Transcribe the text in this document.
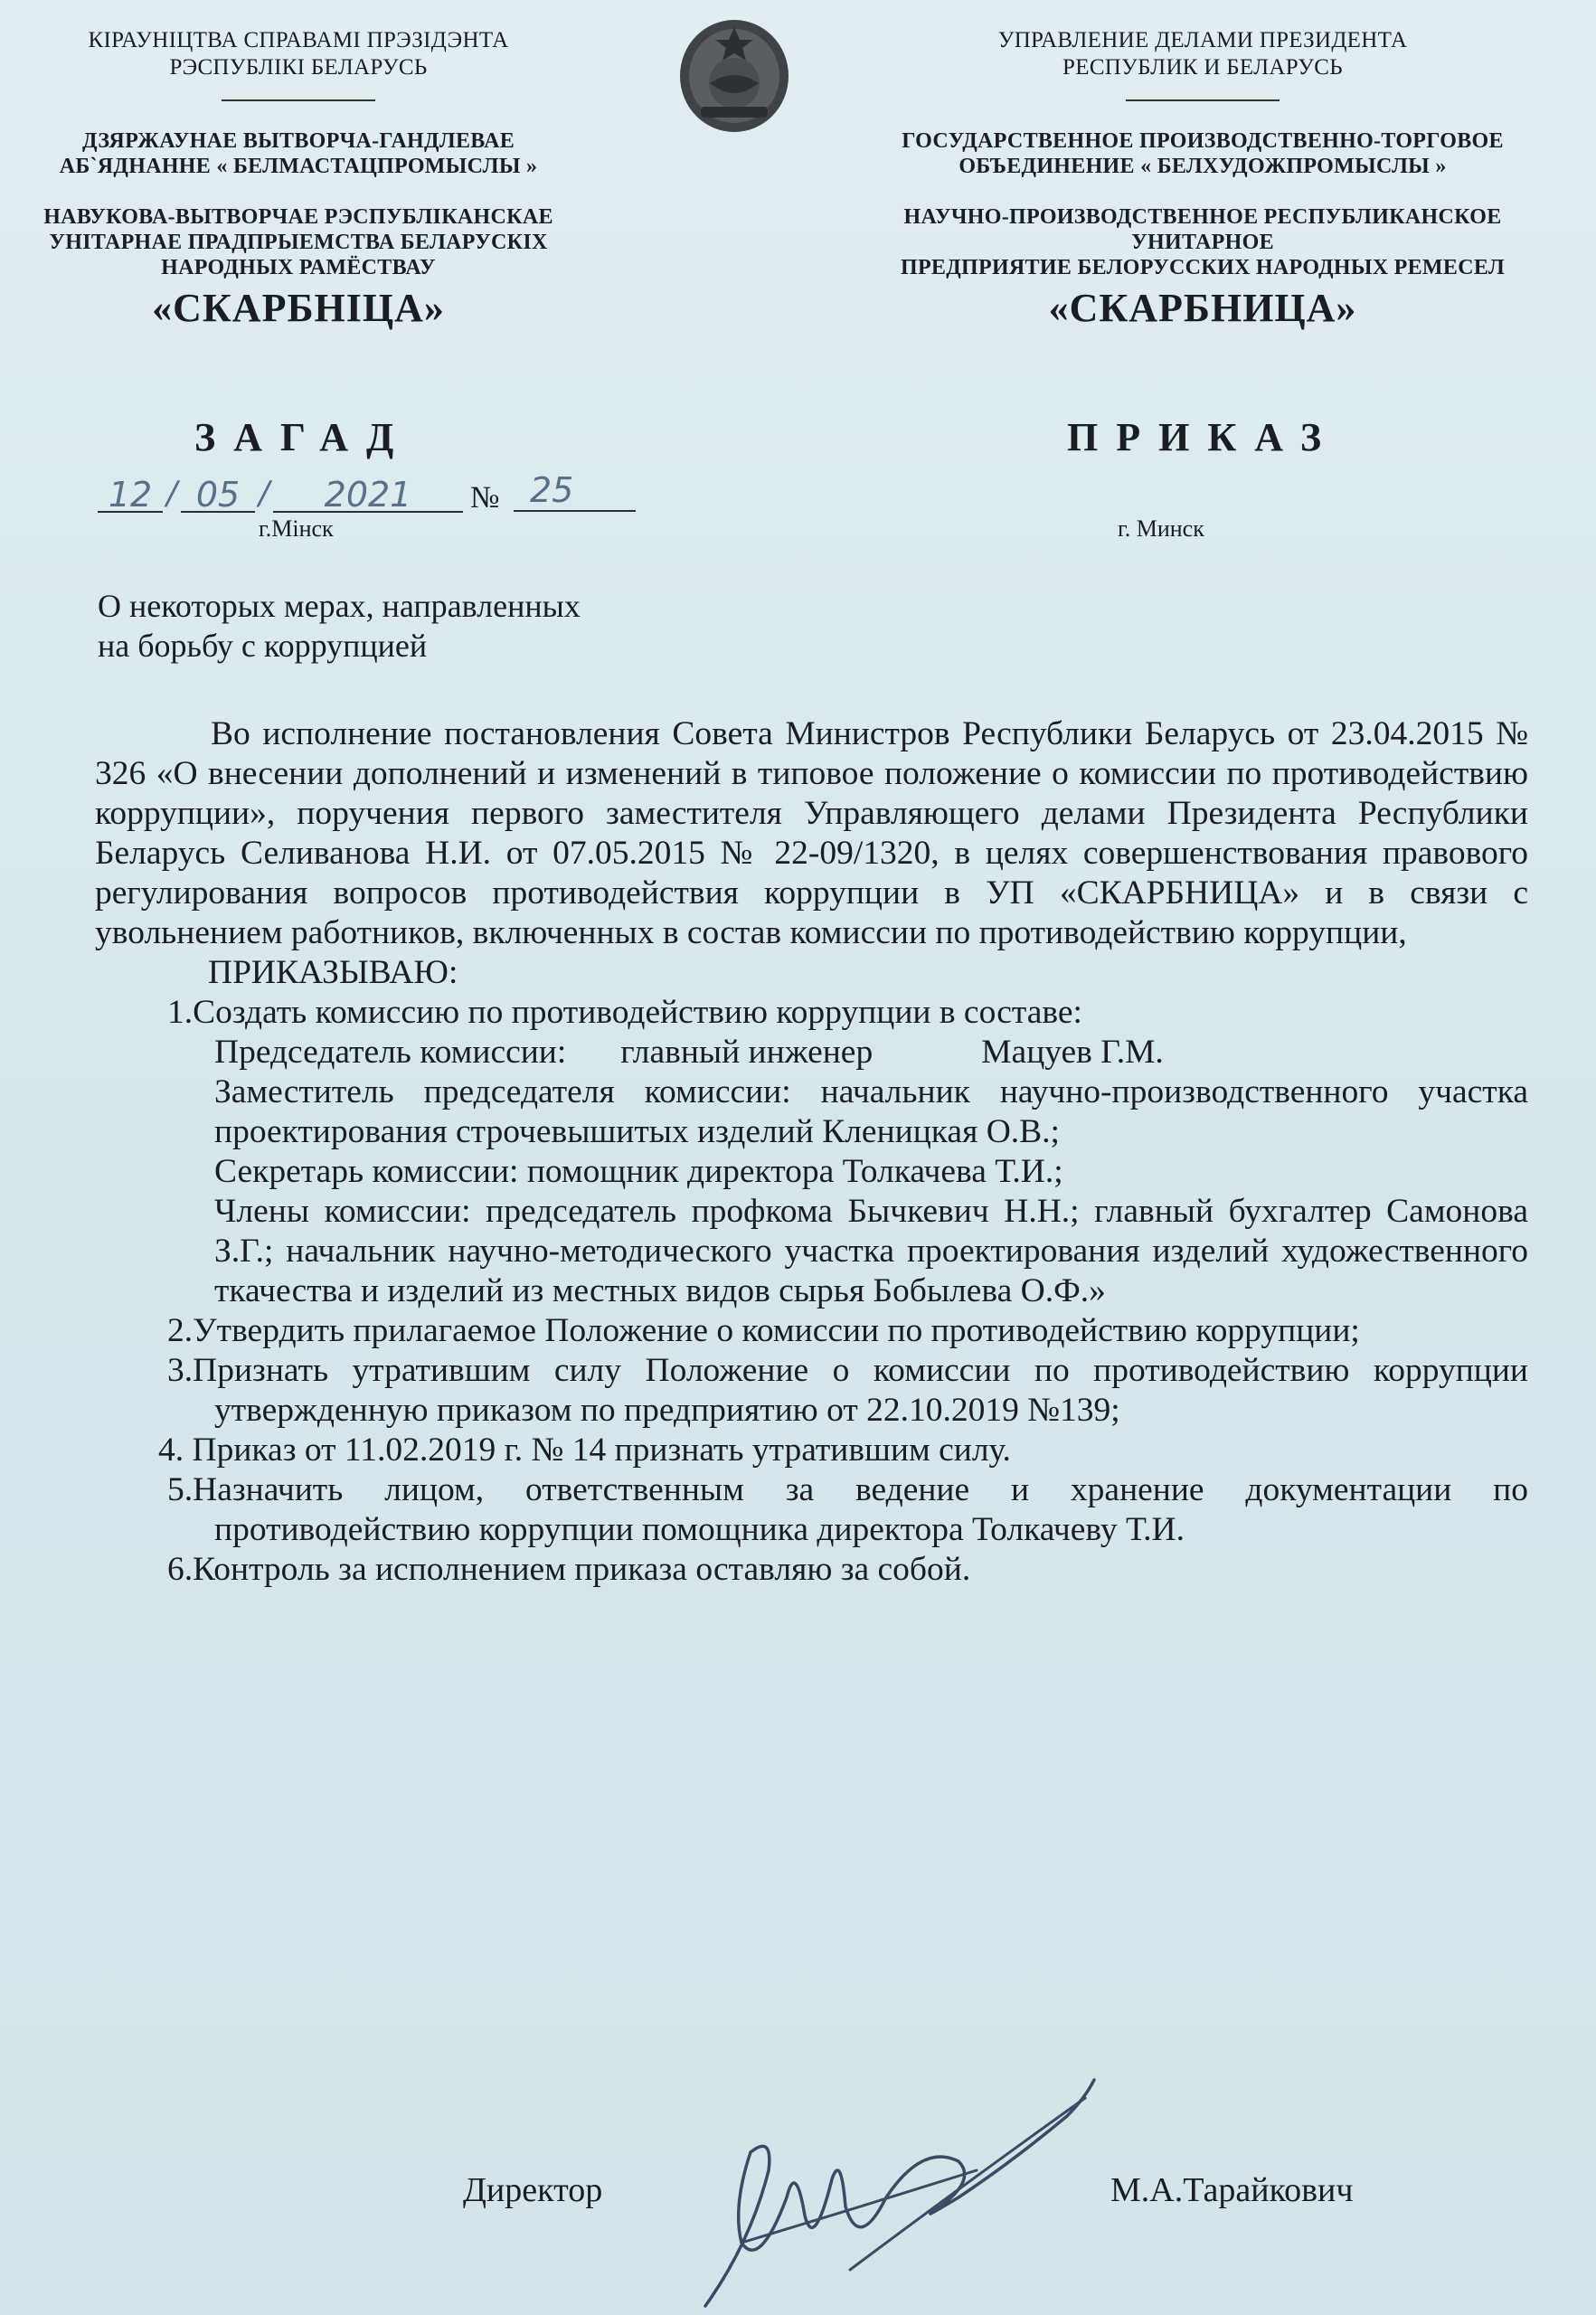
КІРАУНІЦТВА СПРАВАМІ ПРЭЗІДЭНТА
РЭСПУБЛІКІ БЕЛАРУСЬ
ДЗЯРЖАУНАЕ ВЫТВОРЧА-ГАНДЛЕВАЕ
АБ`ЯДНАННЕ « БЕЛМАСТАЦПРОМЫСЛЫ »
НАВУКОВА-ВЫТВОРЧАЕ РЭСПУБЛІКАНСКАЕ
УНІТАРНАЕ ПРАДПРЫЕМСТВА БЕЛАРУСКІХ
НАРОДНЫХ РАМЁСТВАУ
«СКАРБНІЦА»
УПРАВЛЕНИЕ ДЕЛАМИ ПРЕЗИДЕНТА
РЕСПУБЛИК И БЕЛАРУСЬ
ГОСУДАРСТВЕННОЕ ПРОИЗВОДСТВЕННО-ТОРГОВОЕ
ОБЪЕДИНЕНИЕ « БЕЛХУДОЖПРОМЫСЛЫ »
НАУЧНО-ПРОИЗВОДСТВЕННОЕ РЕСПУБЛИКАНСКОЕ
УНИТАРНОЕ
ПРЕДПРИЯТИЕ БЕЛОРУССКИХ НАРОДНЫХ РЕМЕСЕЛ
«СКАРБНИЦА»
ЗАГАД	ПРИКАЗ
12 / 05 /	2021	№ 25
г.Мінск	г. Минск
О некоторых мерах, направленных
на борьбу с коррупцией

Во исполнение постановления Совета Министров Республики Беларусь от 23.04.2015 № 326 «О внесении дополнений и изменений в типовое положение о комиссии по противодействию коррупции», поручения первого заместителя Управляющего делами Президента Республики Беларусь Селиванова Н.И. от 07.05.2015 № 22-09/1320, в целях совершенствования правового регулирования вопросов противодействия коррупции в УП «СКАРБНИЦА» и в связи с увольнением работников, включенных в состав комиссии по противодействию коррупции,

ПРИКАЗЫВАЮ:
1.Создать комиссию по противодействию коррупции в составе:
Председатель комиссии: главный инженер	Мацуев Г.М.
Заместитель председателя комиссии: начальник научно-производственного участка проектирования строчевышитых изделий Кленицкая О.В.;
Секретарь комиссии: помощник директора Толкачева Т.И.;
Члены комиссии: председатель профкома Бычкевич Н.Н.; главный бухгалтер Самонова З.Г.; начальник научно-методического участка проектирования изделий художественного ткачества и изделий из местных видов сырья Бобылева О.Ф.»
2.Утвердить прилагаемое Положение о комиссии по противодействию коррупции;
3.Признать утратившим силу Положение о комиссии по противодействию коррупции утвержденную приказом по предприятию от 22.10.2019 №139;
4. Приказ от 11.02.2019 г. № 14 признать утратившим силу.
5.Назначить лицом, ответственным за ведение и хранение документации по противодействию коррупции помощника директора Толкачеву Т.И.
6.Контроль за исполнением приказа оставляю за собой.
Директор	М.А.Тарайкович
